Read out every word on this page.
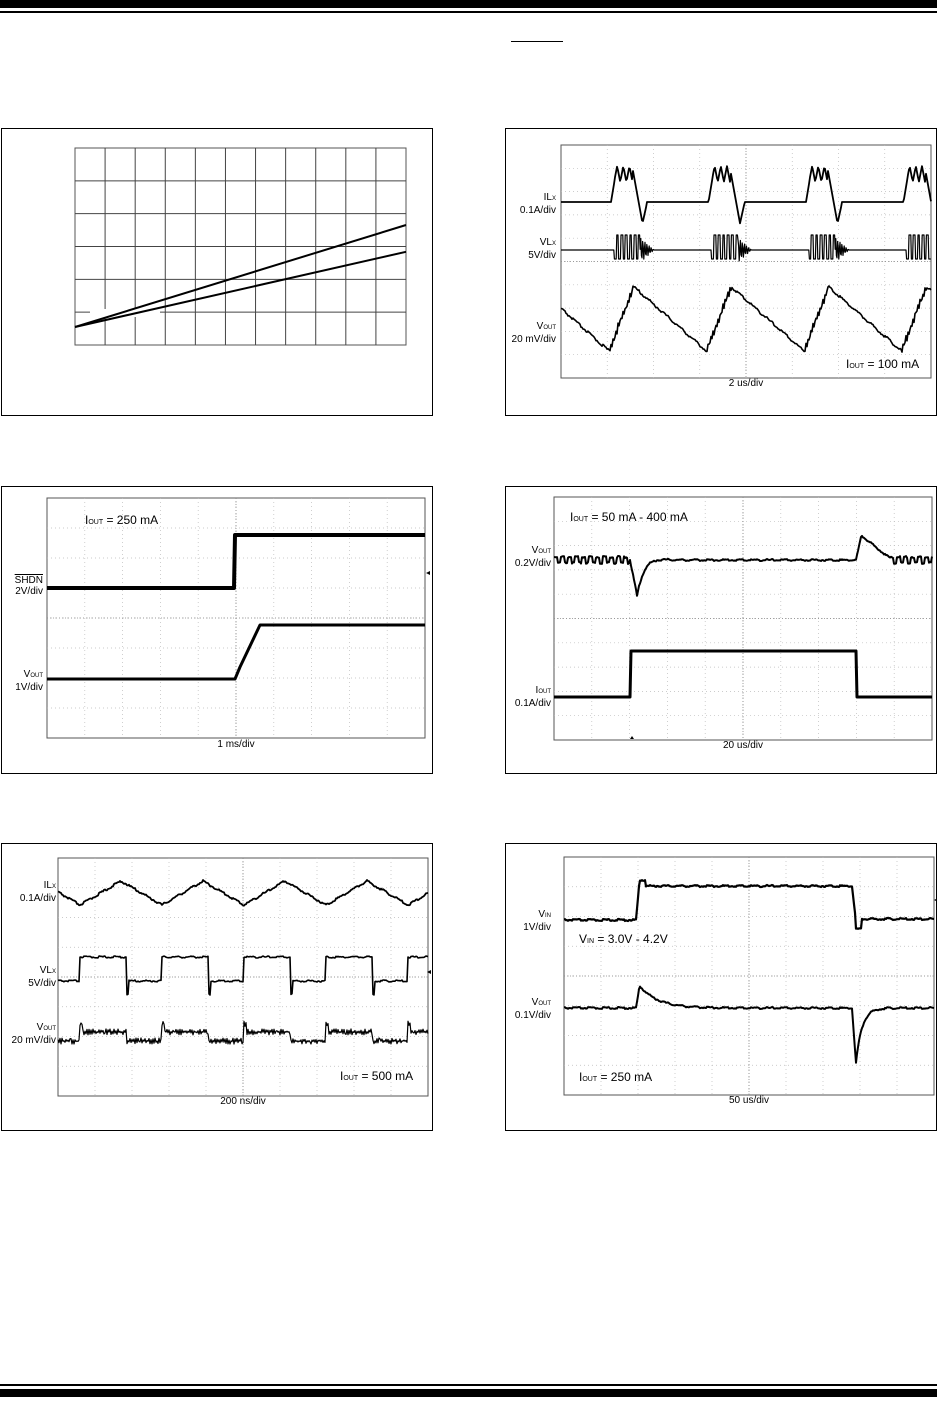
ILX
0.1A/div
VLX
5V/div
VOUT
20 mV/div
IOUT = 100 mA
2 us/div
SHDN
2V/div
VOUT
1V/div
IOUT = 250 mA
1 ms/div
VOUT
0.2V/div
IOUT
0.1A/div
IOUT = 50 mA - 400 mA
20 us/div
ILX
0.1A/div
VLX
5V/div
VOUT
20 mV/div
IOUT = 500 mA
200 ns/div
VIN
1V/div
VOUT
0.1V/div
VIN = 3.0V - 4.2V
IOUT = 250 mA
50 us/div
